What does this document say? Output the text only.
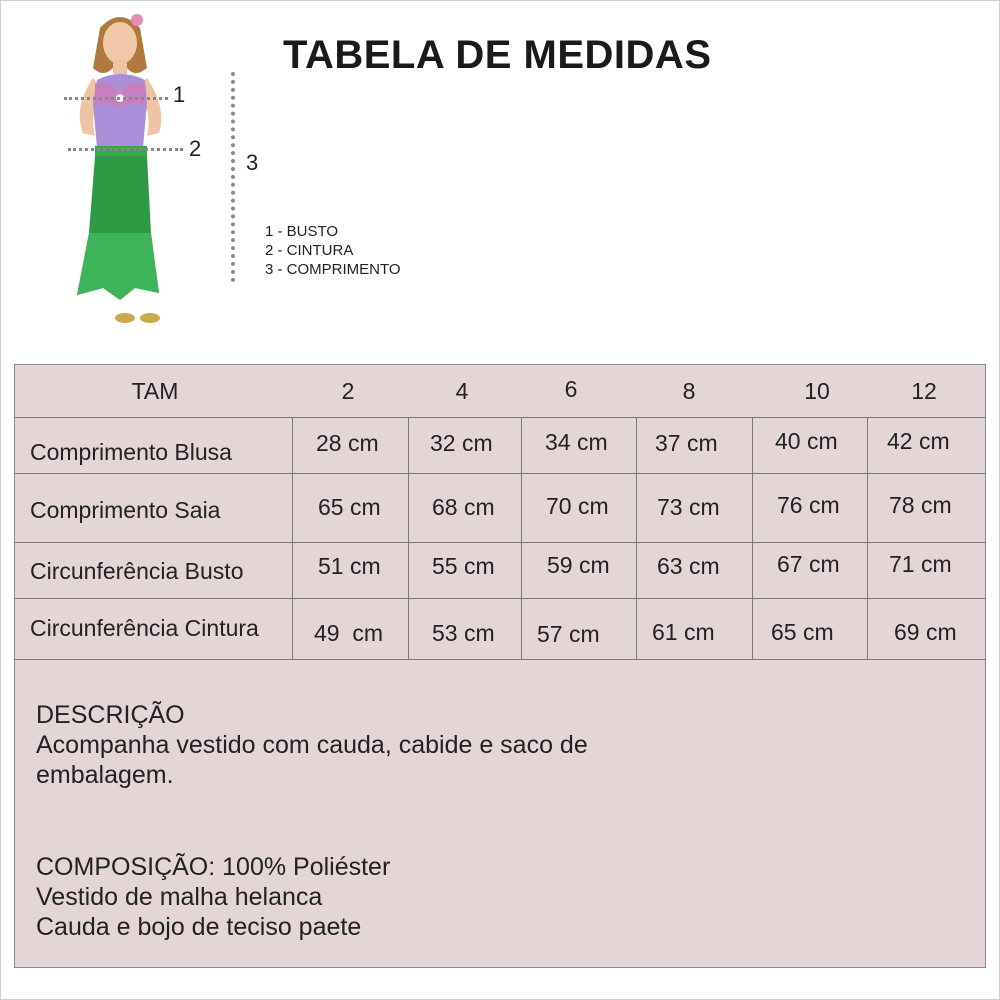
TABELA DE MEDIDAS
1
2
3
1 - BUSTO
2 - CINTURA
3 - COMPRIMENTO
TAM	2	4	6	8	10	12
Comprimento Blusa	28 cm 32 cm 34 cm 37 cm 40 cm 42 cm
Comprimento Saia	65 cm 68 cm 70 cm 73 cm 76 cm 78 cm
Circunferência Busto	51 cm 55 cm 59 cm 63 cm 67 cm 71 cm
Circunferência Cintura 49  cm 53 cm 57 cm 61 cm 65 cm	69 cm
DESCRIÇÃO
Acompanha vestido com cauda, cabide e saco de
embalagem.
COMPOSIÇÃO: 100% Poliéster
Vestido de malha helanca
Cauda e bojo de teciso paete
